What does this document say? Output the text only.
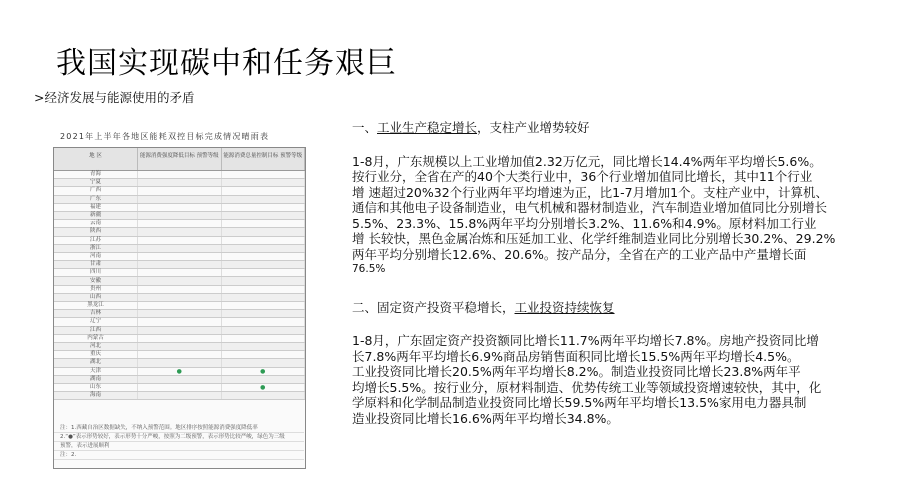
我国实现碳中和任务艰巨
>经济发展与能源使用的矛盾
2021年上半年各地区能耗双控目标完成情况晴雨表
地 区	能源消费强度降低目标 预警等级	能源消费总量控制目标 预警等级
青海		
宁夏		
广西		
广东		
福建		
新疆		
云南		
陕西		
江苏		
浙江		
河南		
甘肃		
四川		
安徽		
贵州		
山西		
黑龙江		
吉林		
辽宁		
江西		
内蒙古		
河北		
重庆		
湖北		
天津	●	●
湖南		
山东		●
海南		
注：1.西藏自治区数据缺失，不纳入预警范围。地区排序按照能源消费强度降低率
2.“●”表示形势较好，表示形势十分严峻，按照为二级预警，表示形势比较严峻，绿色为三级
预警，表示进展顺利
注：2.

一、工业生产稳定增长，支柱产业增势较好

1-8月，广东规模以上工业增加值2.32万亿元，同比增长14.4%两年平均增长5.6%。
按行业分，全省在产的40个大类行业中，36个行业增加值同比增长，其中11个行业
增 速超过20%32个行业两年平均增速为正，比1-7月增加1个。支柱产业中，计算机、
通信和其他电子设备制造业，电气机械和器材制造业，汽车制造业增加值同比分别增长
5.5%、23.3%、15.8%两年平均分别增长3.2%、11.6%和4.9%。原材料加工行业
增 长较快，黑色金属冶炼和压延加工业、化学纤维制造业同比分别增长30.2%、29.2%
两年平均分别增长12.6%、20.6%。按产品分，全省在产的工业产品中产量增长面
76.5%

二、固定资产投资平稳增长，工业投资持续恢复

1-8月，广东固定资产投资额同比增长11.7%两年平均增长7.8%。房地产投资同比增
长7.8%两年平均增长6.9%商品房销售面积同比增长15.5%两年平均增长4.5%。
工业投资同比增长20.5%两年平均增长8.2%。制造业投资同比增长23.8%两年平
均增长5.5%。按行业分，原材料制造、优势传统工业等领域投资增速较快，其中，化
学原料和化学制品制造业投资同比增长59.5%两年平均增长13.5%家用电力器具制
造业投资同比增长16.6%两年平均增长34.8%。
